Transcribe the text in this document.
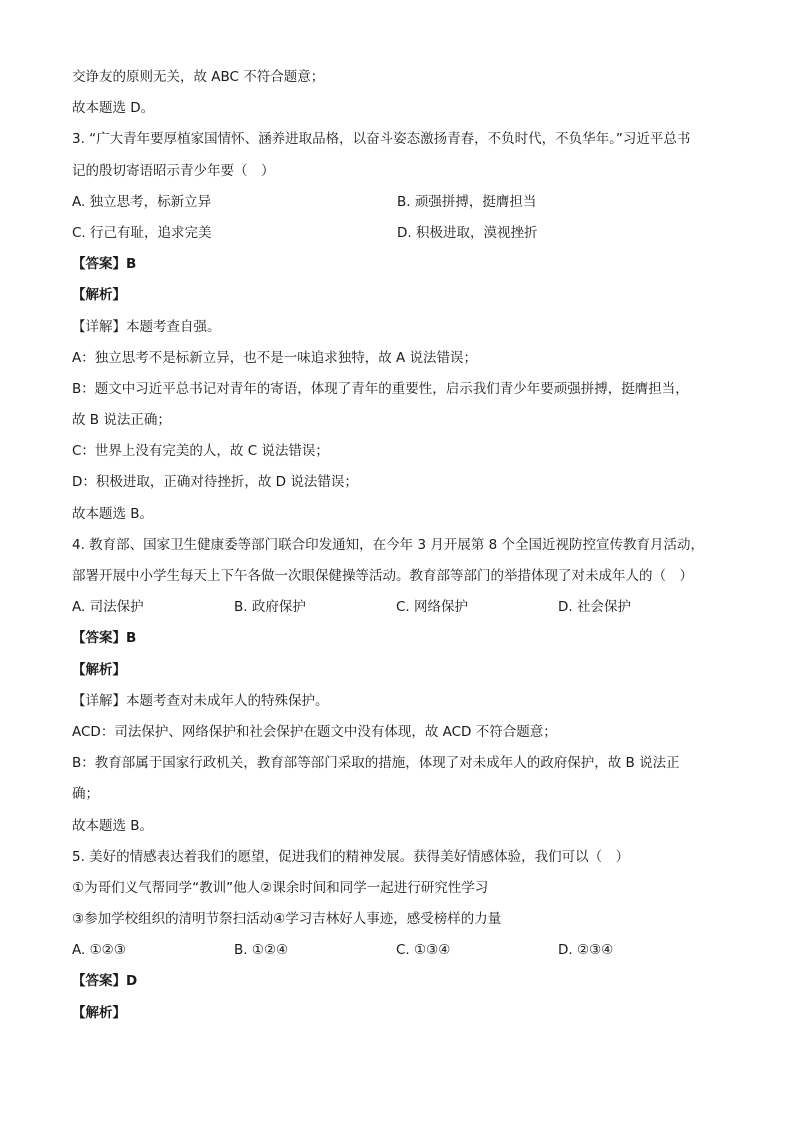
交诤友的原则无关，故 ABC 不符合题意；
故本题选 D。
3. “广大青年要厚植家国情怀、涵养进取品格，以奋斗姿态激扬青春，不负时代，不负华年。”习近平总书
记的殷切寄语昭示青少年要（　）
A. 独立思考，标新立异	B. 顽强拼搏，挺膺担当
C. 行己有耻，追求完美	D. 积极进取，漠视挫折
【答案】B
【解析】
【详解】本题考查自强。
A：独立思考不是标新立异，也不是一味追求独特，故 A 说法错误；
B：题文中习近平总书记对青年的寄语，体现了青年的重要性，启示我们青少年要顽强拼搏，挺膺担当，
故 B 说法正确；
C：世界上没有完美的人，故 C 说法错误；
D：积极进取，正确对待挫折，故 D 说法错误；
故本题选 B。
4. 教育部、国家卫生健康委等部门联合印发通知，在今年 3 月开展第 8 个全国近视防控宣传教育月活动，
部署开展中小学生每天上下午各做一次眼保健操等活动。教育部等部门的举措体现了对未成年人的（　）
A. 司法保护	B. 政府保护	C. 网络保护	D. 社会保护
【答案】B
【解析】
【详解】本题考查对未成年人的特殊保护。
ACD：司法保护、网络保护和社会保护在题文中没有体现，故 ACD 不符合题意；
B：教育部属于国家行政机关，教育部等部门采取的措施，体现了对未成年人的政府保护，故 B 说法正
确；
故本题选 B。
5. 美好的情感表达着我们的愿望，促进我们的精神发展。获得美好情感体验，我们可以（　）
①为哥们义气帮同学“教训”他人②课余时间和同学一起进行研究性学习
③参加学校组织的清明节祭扫活动④学习吉林好人事迹，感受榜样的力量
A. ①②③	B. ①②④	C. ①③④	D. ②③④
【答案】D
【解析】
